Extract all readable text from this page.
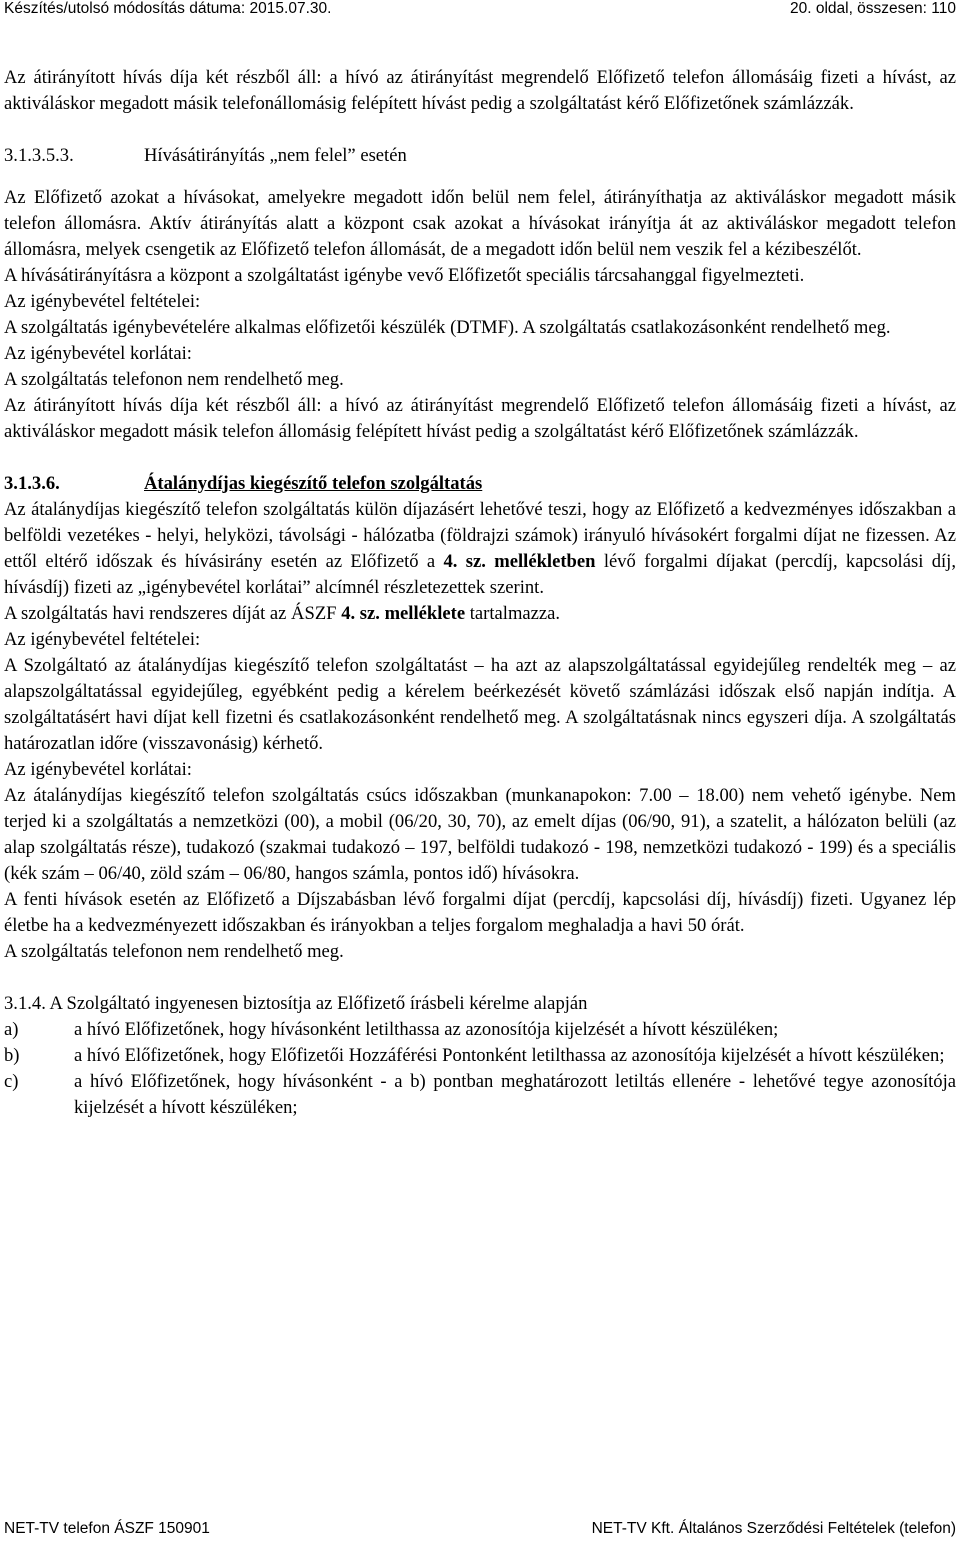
Készítés/utolsó módosítás dátuma: 2015.07.30.	20. oldal, összesen: 110

Az átirányított hívás díja két részből áll: a hívó az átirányítást megrendelő Előfizető telefon állomásáig fizeti a hívást, az aktiváláskor megadott másik telefonállomásig felépített hívást pedig a szolgáltatást kérő Előfizetőnek számlázzák.

3.1.3.5.3.	Hívásátirányítás „nem felel” esetén

Az Előfizető azokat a hívásokat, amelyekre megadott időn belül nem felel, átirányíthatja az aktiváláskor megadott másik telefon állomásra. Aktív átirányítás alatt a központ csak azokat a hívásokat irányítja át az aktiváláskor megadott telefon állomásra, melyek csengetik az Előfizető telefon állomását, de a megadott időn belül nem veszik fel a kézibeszélőt.

A hívásátirányításra a központ a szolgáltatást igénybe vevő Előfizetőt speciális tárcsahanggal figyelmezteti.

Az igénybevétel feltételei:

A szolgáltatás igénybevételére alkalmas előfizetői készülék (DTMF). A szolgáltatás csatlakozásonként rendelhető meg.

Az igénybevétel korlátai:

A szolgáltatás telefonon nem rendelhető meg.

Az átirányított hívás díja két részből áll: a hívó az átirányítást megrendelő Előfizető telefon állomásáig fizeti a hívást, az aktiváláskor megadott másik telefon állomásig felépített hívást pedig a szolgáltatást kérő Előfizetőnek számlázzák.

3.1.3.6.	Átalánydíjas kiegészítő telefon szolgáltatás

Az átalánydíjas kiegészítő telefon szolgáltatás külön díjazásért lehetővé teszi, hogy az Előfizető a kedvezményes időszakban a belföldi vezetékes - helyi, helyközi, távolsági - hálózatba (földrajzi számok) irányuló hívásokért forgalmi díjat ne fizessen. Az ettől eltérő időszak és hívásirány esetén az Előfizető a 4. sz. mellékletben lévő forgalmi díjakat (percdíj, kapcsolási díj, hívásdíj) fizeti az „igénybevétel korlátai” alcímnél részletezettek szerint.

A szolgáltatás havi rendszeres díját az ÁSZF 4. sz. melléklete tartalmazza.

Az igénybevétel feltételei:

A Szolgáltató az átalánydíjas kiegészítő telefon szolgáltatást – ha azt az alapszolgáltatással egyidejűleg rendelték meg – az alapszolgáltatással egyidejűleg, egyébként pedig a kérelem beérkezését követő számlázási időszak első napján indítja. A szolgáltatásért havi díjat kell fizetni és csatlakozásonként rendelhető meg. A szolgáltatásnak nincs egyszeri díja. A szolgáltatás határozatlan időre (visszavonásig) kérhető.

Az igénybevétel korlátai:

Az átalánydíjas kiegészítő telefon szolgáltatás csúcs időszakban (munkanapokon: 7.00 – 18.00) nem vehető igénybe. Nem terjed ki a szolgáltatás a nemzetközi (00), a mobil (06/20, 30, 70), az emelt díjas (06/90, 91), a szatelit, a hálózaton belüli (az alap szolgáltatás része), tudakozó (szakmai tudakozó – 197, belföldi tudakozó - 198, nemzetközi tudakozó - 199) és a speciális (kék szám – 06/40, zöld szám – 06/80, hangos számla, pontos idő) hívásokra.

A fenti hívások esetén az Előfizető a Díjszabásban lévő forgalmi díjat (percdíj, kapcsolási díj, hívásdíj) fizeti. Ugyanez lép életbe ha a kedvezményezett időszakban és irányokban a teljes forgalom meghaladja a havi 50 órát.

A szolgáltatás telefonon nem rendelhető meg.

3.1.4. A Szolgáltató ingyenesen biztosítja az Előfizető írásbeli kérelme alapján

a)	a hívó Előfizetőnek, hogy hívásonként letilthassa az azonosítója kijelzését a hívott készüléken;
b)	a hívó Előfizetőnek, hogy Előfizetői Hozzáférési Pontonként letilthassa az azonosítója kijelzését a hívott készüléken;
c)	a hívó Előfizetőnek, hogy hívásonként - a b) pontban meghatározott letiltás ellenére - lehetővé tegye azonosítója kijelzését a hívott készüléken;
NET-TV telefon ÁSZF 150901	NET-TV Kft. Általános Szerződési Feltételek (telefon)
